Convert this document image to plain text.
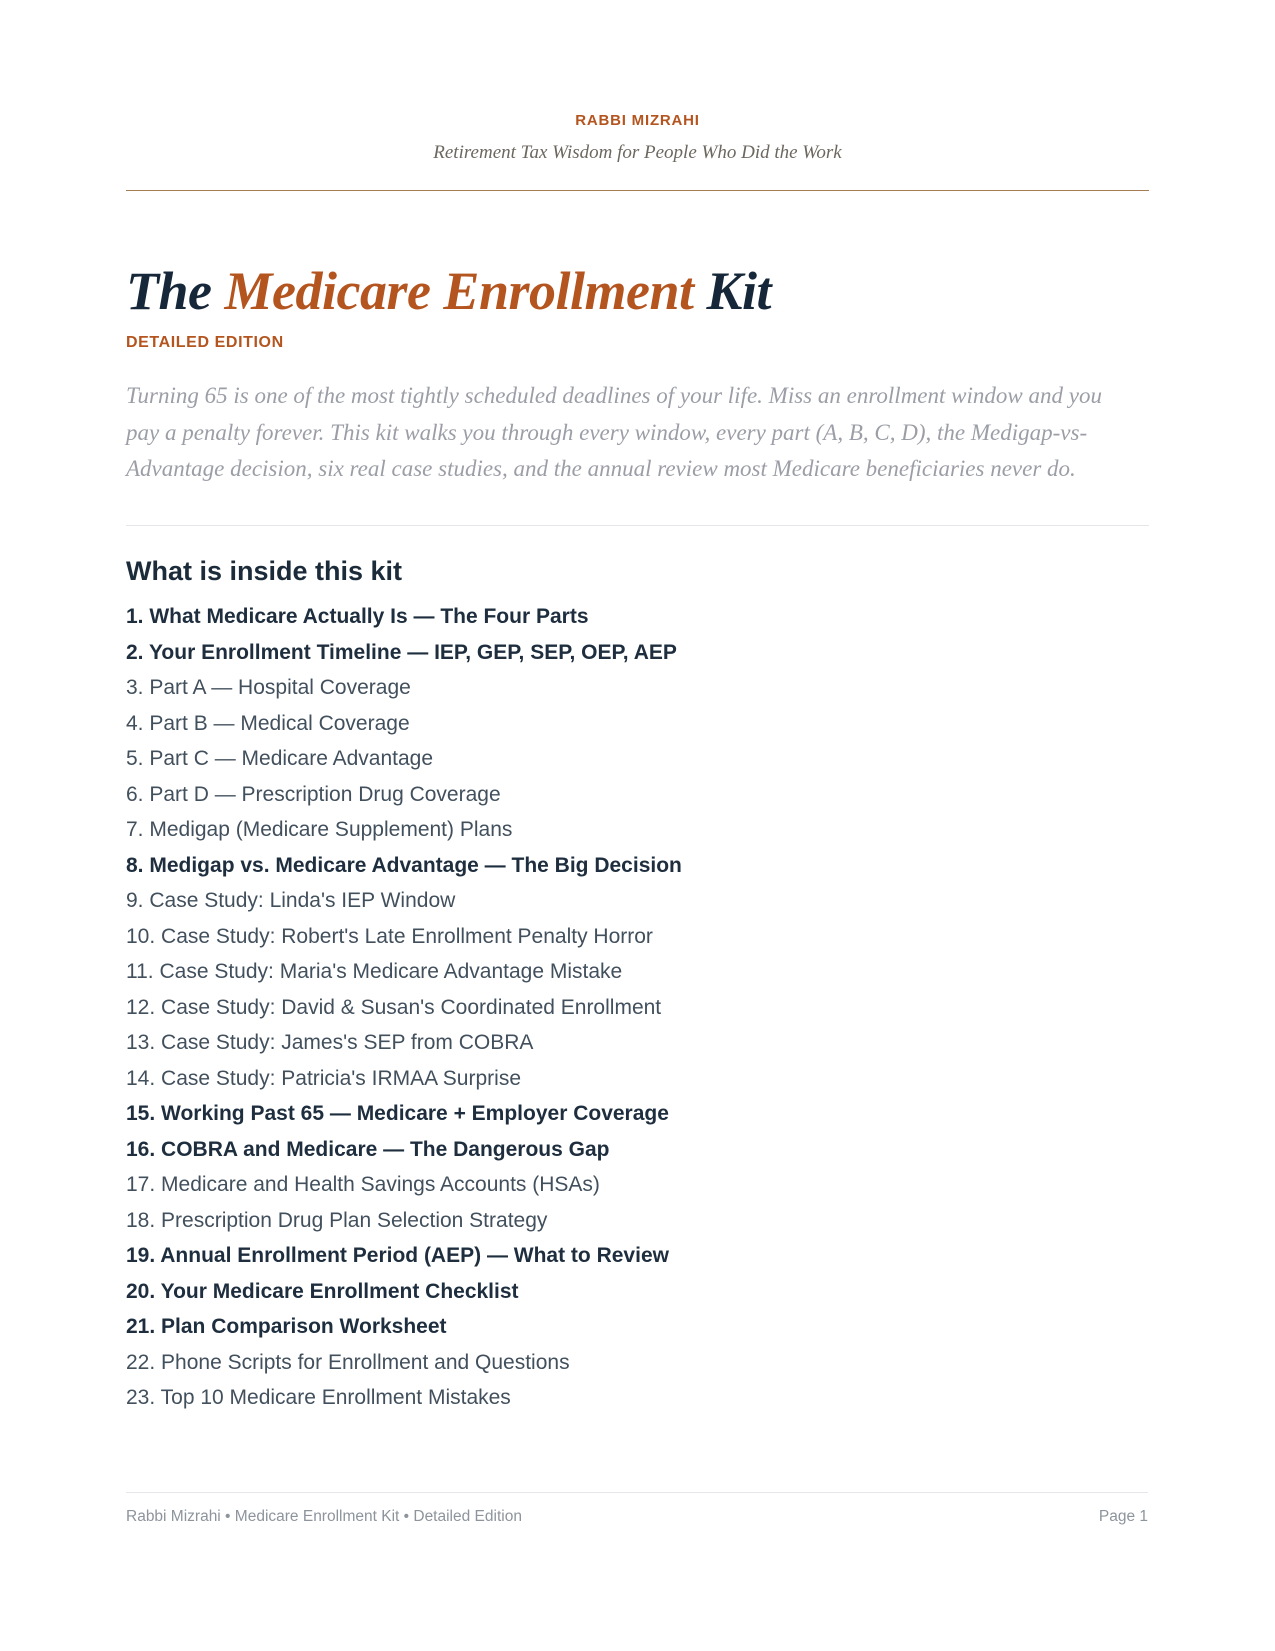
RABBI MIZRAHI
Retirement Tax Wisdom for People Who Did the Work
The Medicare Enrollment Kit
DETAILED EDITION

Turning 65 is one of the most tightly scheduled deadlines of your life. Miss an enrollment window and you pay a penalty forever. This kit walks you through every window, every part (A, B, C, D), the Medigap-vs-Advantage decision, six real case studies, and the annual review most Medicare beneficiaries never do.

What is inside this kit
1. What Medicare Actually Is — The Four Parts
2. Your Enrollment Timeline — IEP, GEP, SEP, OEP, AEP
3. Part A — Hospital Coverage
4. Part B — Medical Coverage
5. Part C — Medicare Advantage
6. Part D — Prescription Drug Coverage
7. Medigap (Medicare Supplement) Plans
8. Medigap vs. Medicare Advantage — The Big Decision
9. Case Study: Linda's IEP Window
10. Case Study: Robert's Late Enrollment Penalty Horror
11. Case Study: Maria's Medicare Advantage Mistake
12. Case Study: David & Susan's Coordinated Enrollment
13. Case Study: James's SEP from COBRA
14. Case Study: Patricia's IRMAA Surprise
15. Working Past 65 — Medicare + Employer Coverage
16. COBRA and Medicare — The Dangerous Gap
17. Medicare and Health Savings Accounts (HSAs)
18. Prescription Drug Plan Selection Strategy
19. Annual Enrollment Period (AEP) — What to Review
20. Your Medicare Enrollment Checklist
21. Plan Comparison Worksheet
22. Phone Scripts for Enrollment and Questions
23. Top 10 Medicare Enrollment Mistakes
Rabbi Mizrahi • Medicare Enrollment Kit • Detailed Edition	Page 1
